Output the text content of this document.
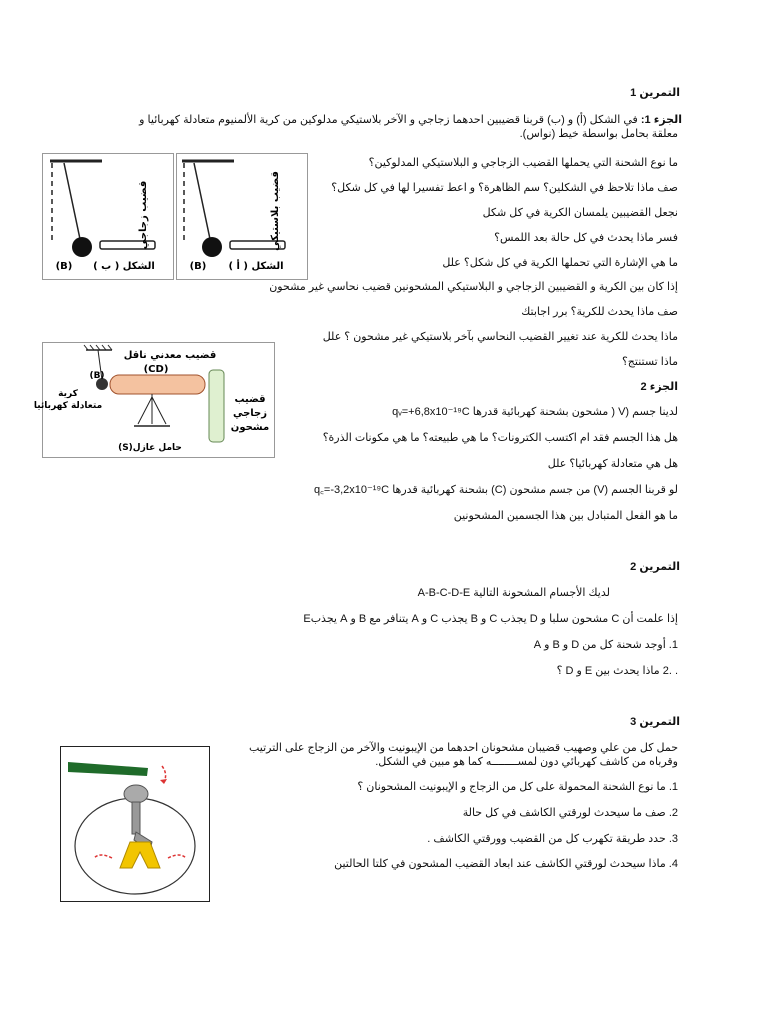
التمرين 1
الجزء 1: في الشكل (أ) و (ب) قربنا قضيبين احدهما زجاجي و الآخر بلاستيكي مدلوكين من كرية الألمنيوم متعادلة كهربائيا و
معلقة بحامل بواسطة خيط (نواس).
ما نوع الشحنة التي يحملها القضيب الزجاجي و البلاستيكي المدلوكين؟
صف ماذا تلاحظ في الشكلين؟ سم الظاهرة؟ و اعط تفسيرا لها في كل شكل؟
نجعل القضيبين يلمسان الكرية في كل شكل
فسر ماذا يحدث في كل حالة بعد اللمس؟
ما هي الإشارة التي تحملها الكرية في كل شكل؟ علل
إذا كان بين الكرية و القضيبين الزجاجي و البلاستيكي المشحونين قضيب نحاسي غير مشحون
صف ماذا يحدث للكرية؟ برر اجابتك
ماذا يحدث للكرية عند تغيير القضيب النحاسي بآخر بلاستيكي غير مشحون ؟ علل
ماذا تستنتج؟
الجزء 2
لدينا جسم (V ( مشحون بشحنة كهربائية قدرها qᵥ=+6,8x10⁻¹⁹C
هل هذا الجسم فقد ام اكتسب الكترونات؟ ما هي طبيعته؟ ما هي مكونات الذرة؟
هل هي متعادلة كهربائيا؟ علل
لو قربنا الجسم (V) من جسم مشحون (C) بشحنة كهربائية قدرها q꜀=-3,2x10⁻¹⁹C
ما هو الفعل المتبادل بين هذا الجسمين المشحونين
التمرين 2
لديك الأجسام المشحونة التالية A-B-C-D-E
إذا علمت أن C مشحون سلبا و D يجذب C و B يجذب C و A يتنافر مع B و A يجذبE
1. أوجد شحنة كل من D و B و A
. .2 ماذا يحدث بين E و D ؟
التمرين 3
حمل كل من علي وصهيب قضيبان مشحونان احدهما من الإيبونيت والآخر من الزجاج على الترتيب
وقرباه من كاشف كهربائي دون لمســــــــه كما هو مبين في الشكل.
1. ما نوع الشحنة المحمولة على كل من الزجاج و الإيبونيت المشحونان ؟
2. صف ما سيحدث لورقتي الكاشف في كل حالة
3. حدد طريقة تكهرب كل من القضيب وورقتي الكاشف .
4. ماذا سيحدث لورقتي الكاشف عند ابعاد القضيب المشحون في كلتا الحالتين
قضيب زجاجي
(B) الشكل ( ب )
قضيب بلاستيكي
(B) الشكل ( أ )
قضيب معدني ناقل
(CD)
(B)
كرية
متعادلة كهربائيا
حامل عازل(S)
قضيب
زجاجي
مشحون
